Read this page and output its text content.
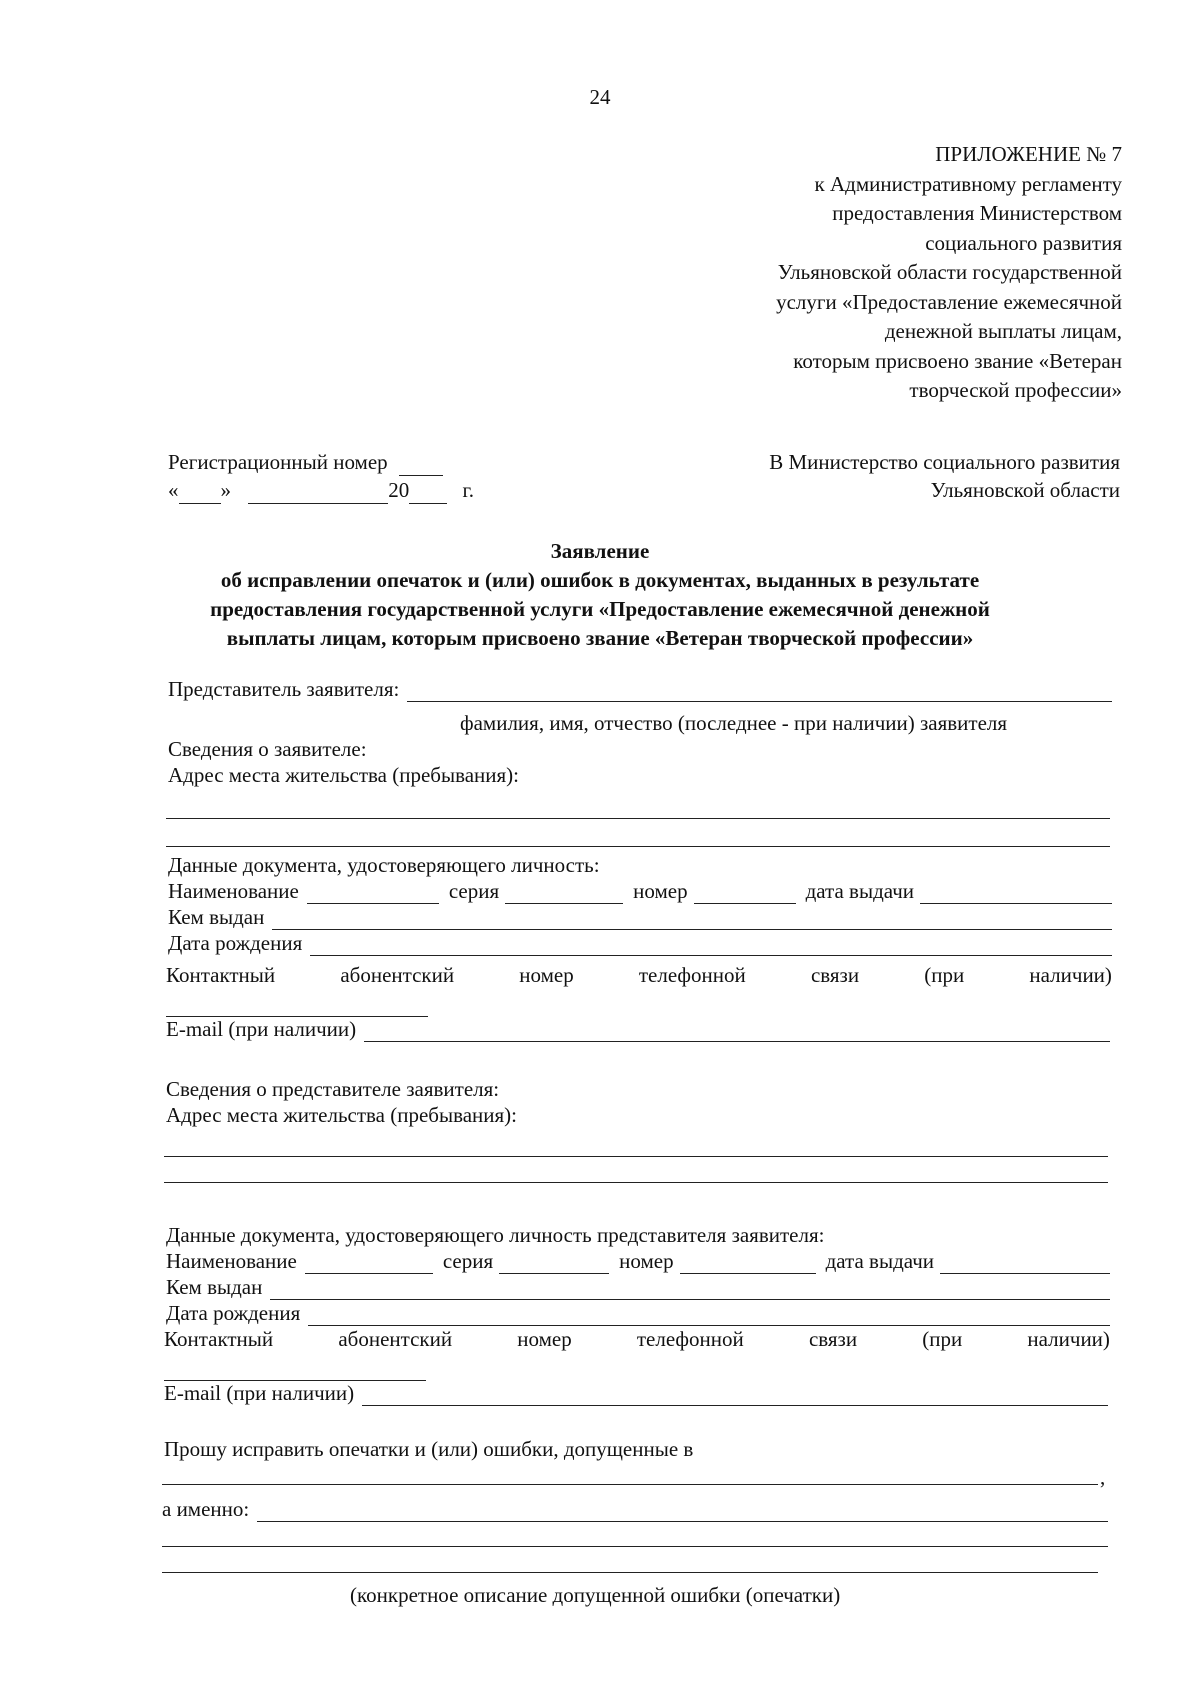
24
ПРИЛОЖЕНИЕ № 7
к Административному регламенту
предоставления Министерством
социального развития
Ульяновской области государственной
услуги «Предоставление ежемесячной
денежной выплаты лицам,
которым присвоено звание «Ветеран
творческой профессии»
Регистрационный номер
« »	20	г.
В Министерство социального развития
Ульяновской области
Заявление
об исправлении опечаток и (или) ошибок в документах, выданных в результате
предоставления государственной услуги «Предоставление ежемесячной денежной
выплаты лицам, которым присвоено звание «Ветеран творческой профессии»
Представитель заявителя:
фамилия, имя, отчество (последнее - при наличии) заявителя
Сведения о заявителе:
Адрес места жительства (пребывания):
Данные документа, удостоверяющего личность:
Наименование	серия	номер	дата выдачи
Кем выдан
Дата рождения
Контактный	абонентский	номер	телефонной	связи	(при	наличии)
E-mail (при наличии)
Сведения о представителе заявителя:
Адрес места жительства (пребывания):
Данные документа, удостоверяющего личность представителя заявителя:
Наименование	серия	номер	дата выдачи
Кем выдан
Дата рождения
Контактный	абонентский	номер	телефонной	связи	(при	наличии)
E-mail (при наличии)
Прошу исправить опечатки и (или) ошибки, допущенные в
,
а именно:
(конкретное описание допущенной ошибки (опечатки)
